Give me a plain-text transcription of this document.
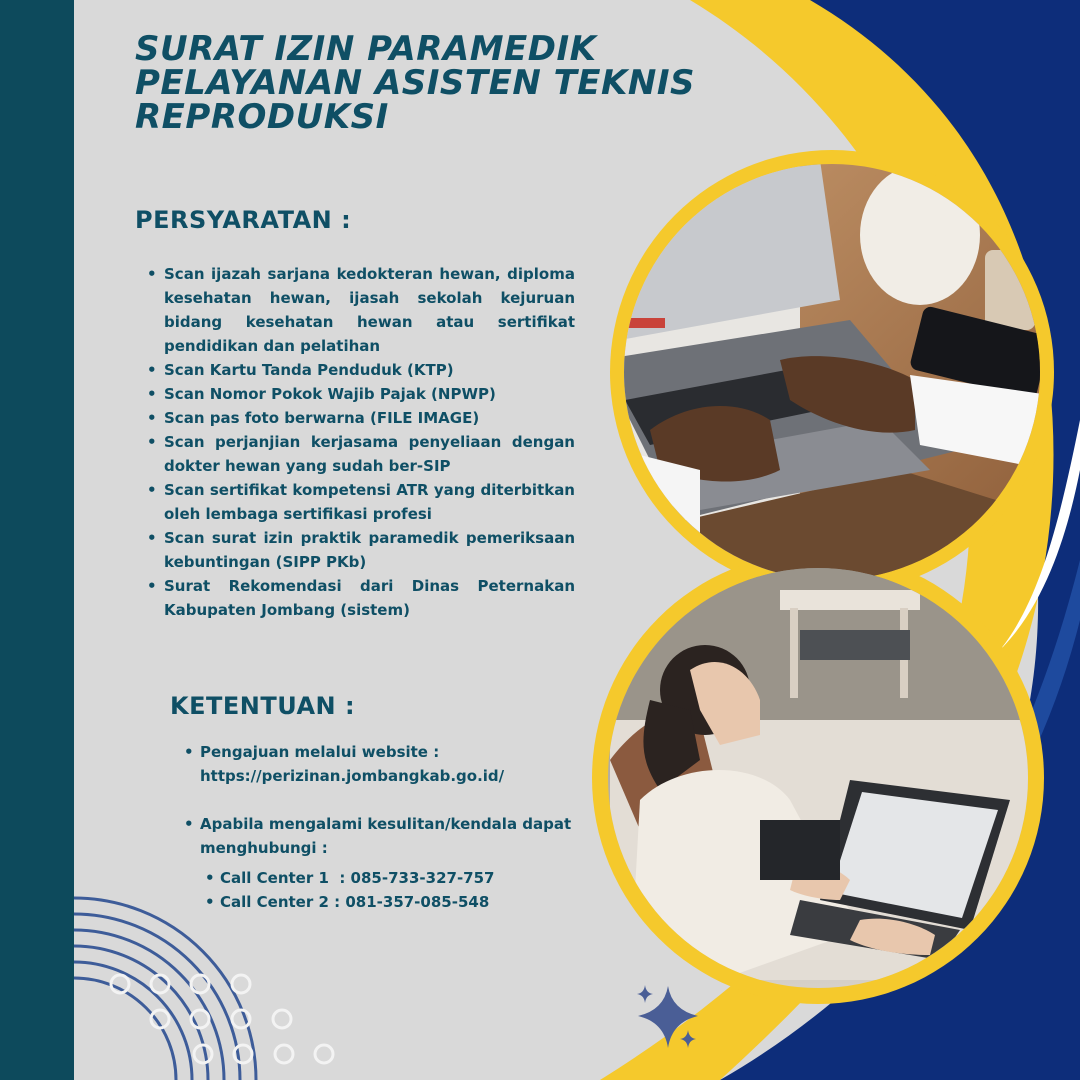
SURAT IZIN PARAMEDIK
PELAYANAN ASISTEN TEKNIS
REPRODUKSI
PERSYARATAN :
• Scan ijazah sarjana kedokteran hewan, diploma kesehatan hewan, ijasah sekolah kejuruan bidang kesehatan hewan atau sertifikat pendidikan dan pelatihan
• Scan Kartu Tanda Penduduk (KTP)
• Scan Nomor Pokok Wajib Pajak (NPWP)
• Scan pas foto berwarna (FILE IMAGE)
• Scan perjanjian kerjasama penyeliaan dengan dokter hewan yang sudah ber-SIP
• Scan sertifikat kompetensi ATR yang diterbitkan oleh lembaga sertifikasi profesi
• Scan surat izin praktik paramedik pemeriksaan kebuntingan (SIPP PKb)
• Surat Rekomendasi dari Dinas Peternakan Kabupaten Jombang (sistem)
KETENTUAN :
• Pengajuan melalui website :
https://perizinan.jombangkab.go.id/
• Apabila mengalami kesulitan/kendala dapat menghubungi :
• Call Center 1  : 085-733-327-757
• Call Center 2 : 081-357-085-548
